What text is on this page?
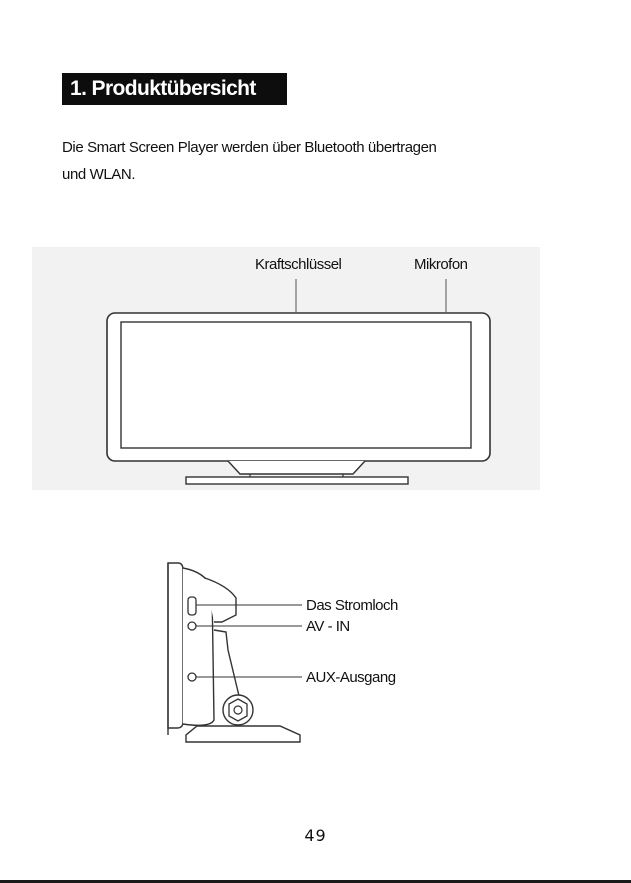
1. Produktübersicht
Die Smart Screen Player werden über Bluetooth übertragen
und WLAN.
Kraftschlüssel	Mikrofon
Das Stromloch
AV - IN
AUX-Ausgang
49
